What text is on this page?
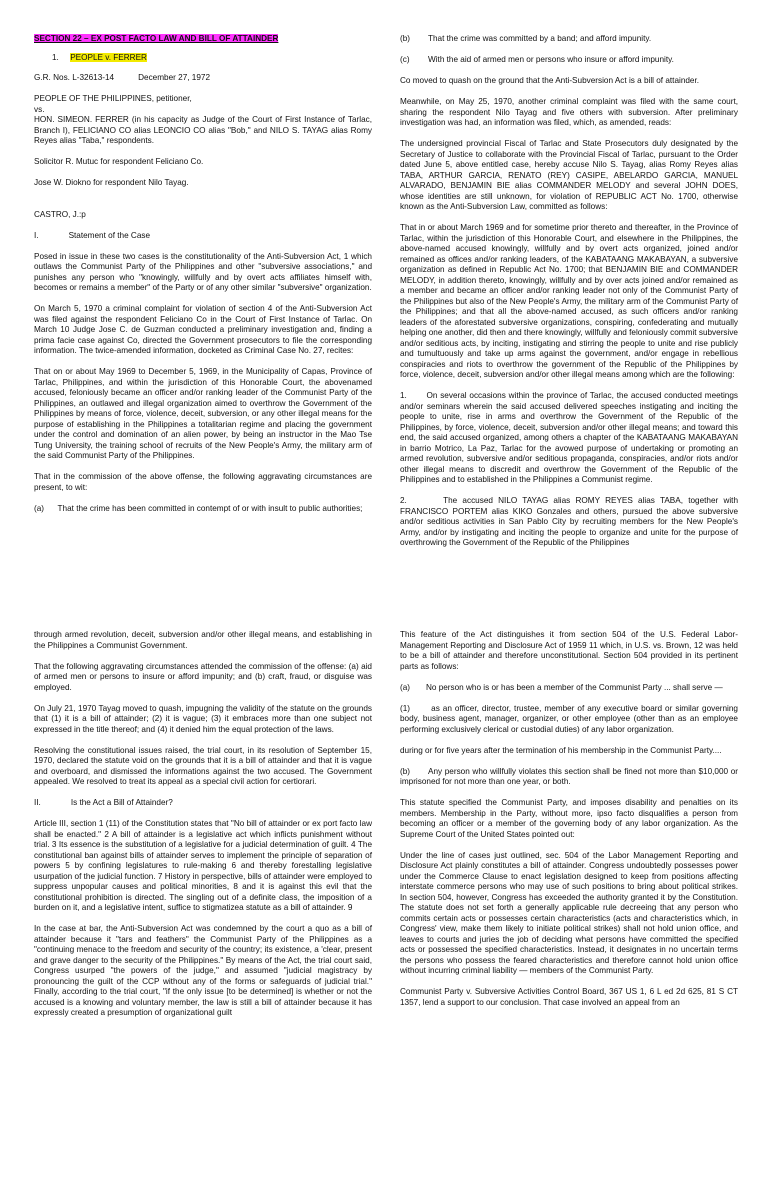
SECTION 22 – EX POST FACTO LAW AND BILL OF ATTAINDER

1. PEOPLE v. FERRER

G.R. Nos. L-32613-14	December 27, 1972

PEOPLE OF THE PHILIPPINES, petitioner,
vs.
HON. SIMEON. FERRER (in his capacity as Judge of the Court of First Instance of Tarlac, Branch I), FELICIANO CO alias LEONCIO CO alias "Bob," and NILO S. TAYAG alias Romy Reyes alias "Taba," respondents.

Solicitor R. Mutuc for respondent Feliciano Co.

Jose W. Diokno for respondent Nilo Tayag.

CASTRO, J.:p

I.	Statement of the Case

Posed in issue in these two cases is the constitutionality of the Anti-Subversion Act, 1 which outlaws the Communist Party of the Philippines and other "subversive associations," and punishes any person who "knowingly, willfully and by overt acts affiliates himself with, becomes or remains a member" of the Party or of any other similar "subversive" organization.

On March 5, 1970 a criminal complaint for violation of section 4 of the Anti-Subversion Act was filed against the respondent Feliciano Co in the Court of First Instance of Tarlac. On March 10 Judge Jose C. de Guzman conducted a preliminary investigation and, finding a prima facie case against Co, directed the Government prosecutors to file the corresponding information. The twice-amended information, docketed as Criminal Case No. 27, recites:

That on or about May 1969 to December 5, 1969, in the Municipality of Capas, Province of Tarlac, Philippines, and within the jurisdiction of this Honorable Court, the abovenamed accused, feloniously became an officer and/or ranking leader of the Communist Party of the Philippines, an outlawed and illegal organization aimed to overthrow the Government of the Philippines by means of force, violence, deceit, subversion, or any other illegal means for the purpose of establishing in the Philippines a totalitarian regime and placing the government under the control and domination of an alien power, by being an instructor in the Mao Tse Tung University, the training school of recruits of the New People's Army, the military arm of the said Communist Party of the Philippines.

That in the commission of the above offense, the following aggravating circumstances are present, to wit:

(a) That the crime has been committed in contempt of or with insult to public authorities;

(b) That the crime was committed by a band; and afford impunity.

(c) With the aid of armed men or persons who insure or afford impunity.

Co moved to quash on the ground that the Anti-Subversion Act is a bill of attainder.

Meanwhile, on May 25, 1970, another criminal complaint was filed with the same court, sharing the respondent Nilo Tayag and five others with subversion. After preliminary investigation was had, an information was filed, which, as amended, reads:

The undersigned provincial Fiscal of Tarlac and State Prosecutors duly designated by the Secretary of Justice to collaborate with the Provincial Fiscal of Tarlac, pursuant to the Order dated June 5, above entitled case, hereby accuse Nilo S. Tayag, alias Romy Reyes alias TABA, ARTHUR GARCIA, RENATO (REY) CASIPE, ABELARDO GARCIA, MANUEL ALVARADO, BENJAMIN BIE alias COMMANDER MELODY and several JOHN DOES, whose identities are still unknown, for violation of REPUBLIC ACT No. 1700, otherwise known as the Anti-Subversion Law, committed as follows:

That in or about March 1969 and for sometime prior thereto and thereafter, in the Province of Tarlac, within the jurisdiction of this Honorable Court, and elsewhere in the Philippines, the above-named accused knowingly, willfully and by overt acts organized, joined and/or remained as offices and/or ranking leaders, of the KABATAANG MAKABAYAN, a subversive organization as defined in Republic Act No. 1700; that BENJAMIN BIE and COMMANDER MELODY, in addition thereto, knowingly, willfully and by over acts joined and/or remained as a member and became an officer and/or ranking leader not only of the Communist Party of the Philippines but also of the New People's Army, the military arm of the Communist Party of the Philippines; and that all the above-named accused, as such officers and/or ranking leaders of the aforestated subversive organizations, conspiring, confederating and mutually helping one another, did then and there knowingly, willfully and feloniously commit subversive and/or seditious acts, by inciting, instigating and stirring the people to unite and rise publicly and tumultuously and take up arms against the government, and/or engage in rebellious conspiracies and riots to overthrow the government of the Republic of the Philippines by force, violence, deceit, subversion and/or other illegal means among which are the following:

1. On several occasions within the province of Tarlac, the accused conducted meetings and/or seminars wherein the said accused delivered speeches instigating and inciting the people to unite, rise in arms and overthrow the Government of the Republic of the Philippines, by force, violence, deceit, subversion and/or other illegal means; and toward this end, the said accused organized, among others a chapter of the KABATAANG MAKABAYAN in barrio Motrico, La Paz, Tarlac for the avowed purpose of undertaking or promoting an armed revolution, subversive and/or seditious propaganda, conspiracies, and/or riots and/or other illegal means to discredit and overthrow the Government of the Republic of the Philippines and to established in the Philippines a Communist regime.

2.	The accused NILO TAYAG alias ROMY REYES alias TABA, together with FRANCISCO PORTEM alias KIKO Gonzales and others, pursued the above subversive and/or seditious activities in San Pablo City by recruiting members for the New People's Army, and/or by instigating and inciting the people to organize and unite for the purpose of overthrowing the Government of the Republic of the Philippines

through armed revolution, deceit, subversion and/or other illegal means, and establishing in the Philippines a Communist Government.

That the following aggravating circumstances attended the commission of the offense: (a) aid of armed men or persons to insure or afford impunity; and (b) craft, fraud, or disguise was employed.

On July 21, 1970 Tayag moved to quash, impugning the validity of the statute on the grounds that (1) it is a bill of attainder; (2) it is vague; (3) it embraces more than one subject not expressed in the title thereof; and (4) it denied him the equal protection of the laws.

Resolving the constitutional issues raised, the trial court, in its resolution of September 15, 1970, declared the statute void on the grounds that it is a bill of attainder and that it is vague and overboard, and dismissed the informations against the two accused. The Government appealed. We resolved to treat its appeal as a special civil action for certiorari.

II.	Is the Act a Bill of Attainder?

Article III, section 1 (11) of the Constitution states that "No bill of attainder or ex port facto law shall be enacted." 2 A bill of attainder is a legislative act which inflicts punishment without trial. 3 Its essence is the substitution of a legislative for a judicial determination of guilt. 4 The constitutional ban against bills of attainder serves to implement the principle of separation of powers 5 by confining legislatures to rule-making 6 and thereby forestalling legislative usurpation of the judicial function. 7 History in perspective, bills of attainder were employed to suppress unpopular causes and political minorities, 8 and it is against this evil that the constitutional prohibition is directed. The singling out of a definite class, the imposition of a burden on it, and a legislative intent, suffice to stigmatizea statute as a bill of attainder. 9

In the case at bar, the Anti-Subversion Act was condemned by the court a quo as a bill of attainder because it "tars and feathers" the Communist Party of the Philippines as a "continuing menace to the freedom and security of the country; its existence, a 'clear, present and grave danger to the security of the Philippines." By means of the Act, the trial court said, Congress usurped "the powers of the judge," and assumed "judicial magistracy by pronouncing the guilt of the CCP without any of the forms or safeguards of judicial trial." Finally, according to the trial court, "if the only issue [to be determined] is whether or not the accused is a knowing and voluntary member, the law is still a bill of attainder because it has expressly created a presumption of organizational guilt

This feature of the Act distinguishes it from section 504 of the U.S. Federal Labor-Management Reporting and Disclosure Act of 1959 11 which, in U.S. vs. Brown, 12 was held to be a bill of attainder and therefore unconstitutional. Section 504 provided in its pertinent parts as follows:

(a) No person who is or has been a member of the Communist Party ... shall serve —

(1)	as an officer, director, trustee, member of any executive board or similar governing body, business agent, manager, organizer, or other employee (other than as an employee performing exclusively clerical or custodial duties) of any labor organization.

during or for five years after the termination of his membership in the Communist Party....

(b) Any person who willfully violates this section shall be fined not more than $10,000 or imprisoned for not more than one year, or both.

This statute specified the Communist Party, and imposes disability and penalties on its members. Membership in the Party, without more, ipso facto disqualifies a person from becoming an officer or a member of the governing body of any labor organization. As the Supreme Court of the United States pointed out:

Under the line of cases just outlined, sec. 504 of the Labor Management Reporting and Disclosure Act plainly constitutes a bill of attainder. Congress undoubtedly possesses power under the Commerce Clause to enact legislation designed to keep from positions affecting interstate commerce persons who may use of such positions to bring about political strikes. In section 504, however, Congress has exceeded the authority granted it by the Constitution. The statute does not set forth a generally applicable rule decreeing that any person who commits certain acts or possesses certain characteristics (acts and characteristics which, in Congress' view, make them likely to initiate political strikes) shall not hold union office, and leaves to courts and juries the job of deciding what persons have committed the specified acts or possessed the specified characteristics. Instead, it designates in no uncertain terms the persons who possess the feared characteristics and therefore cannot hold union office without incurring criminal liability — members of the Communist Party.

Communist Party v. Subversive Activities Control Board, 367 US 1, 6 L ed 2d 625, 81 S CT 1357, lend a support to our conclusion. That case involved an appeal from an
